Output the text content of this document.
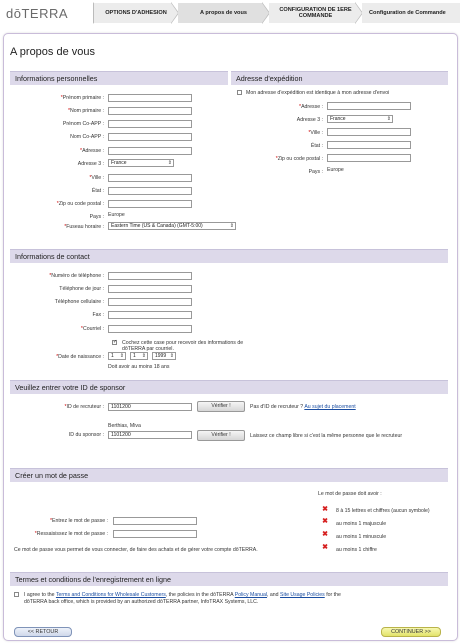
dōTERRA	OPTIONS D'ADHESION	A propos de vous
CONFIGURATION DE 1ERE COMMANDE
Configuration de Commande
A propos de vous
Informations personnelles
*Prénom primaire :
*Nom primaire :
Prénom Co-APP :
Nom Co-APP :
*Adresse :
Adresse 3 :	France ⇕
*Ville :
État :
*Zip ou code postal :
Pays : Europe
*Fuseau horaire :	Eastern Time (US & Canada) (GMT-5:00) ⇕
Adresse d'expédition
Mon adresse d'expédition est identique à mon adresse d'envoi
*Adresse :
Adresse 3 :	France ⇕
*Ville :
État :
*Zip ou code postal :
Pays : Europe
Informations de contact
*Numéro de téléphone :
Téléphone de jour :
Téléphone cellulaire :
Fax :
*Courriel :
✓
Cochez cette case pour recevoir des informations de dōTERRA par courriel.
*Date de naissance :	1 ⇕	1 ⇕	1999 ⇕
Doit avoir au moins 18 ans
Veuillez entrer votre ID de sponsor
*ID de recruteur :	1101200	Vérifier !	Pas d'ID de recruteur ? Au sujet du placement
Berthias, Miva
ID du sponsor :	1101200	Vérifier !	Laissez ce champ libre si c'est la même personne que le recruteur
Créer un mot de passe
Le mot de passe doit avoir :
*Entrez le mot de passe :
*Ressaisissez le mot de passe :
Ce mot de passe vous permet de vous connecter, de faire des achats et de gérer votre compte dōTERRA.
✖ 8 à 15 lettres et chiffres (aucun symbole)
✖ au moins 1 majuscule
✖ au moins 1 minuscule
✖ au moins 1 chiffre
Termes et conditions de l'enregistrement en ligne
I agree to the Terms and Conditions for Wholesale Customers, the policies in the dōTERRA Policy Manual, and Site Usage Policies for the
dōTERRA back office, which is provided by an authorized dōTERRA partner, InfoTRAX Systems, LLC.
<< RETOUR	CONTINUER >>
